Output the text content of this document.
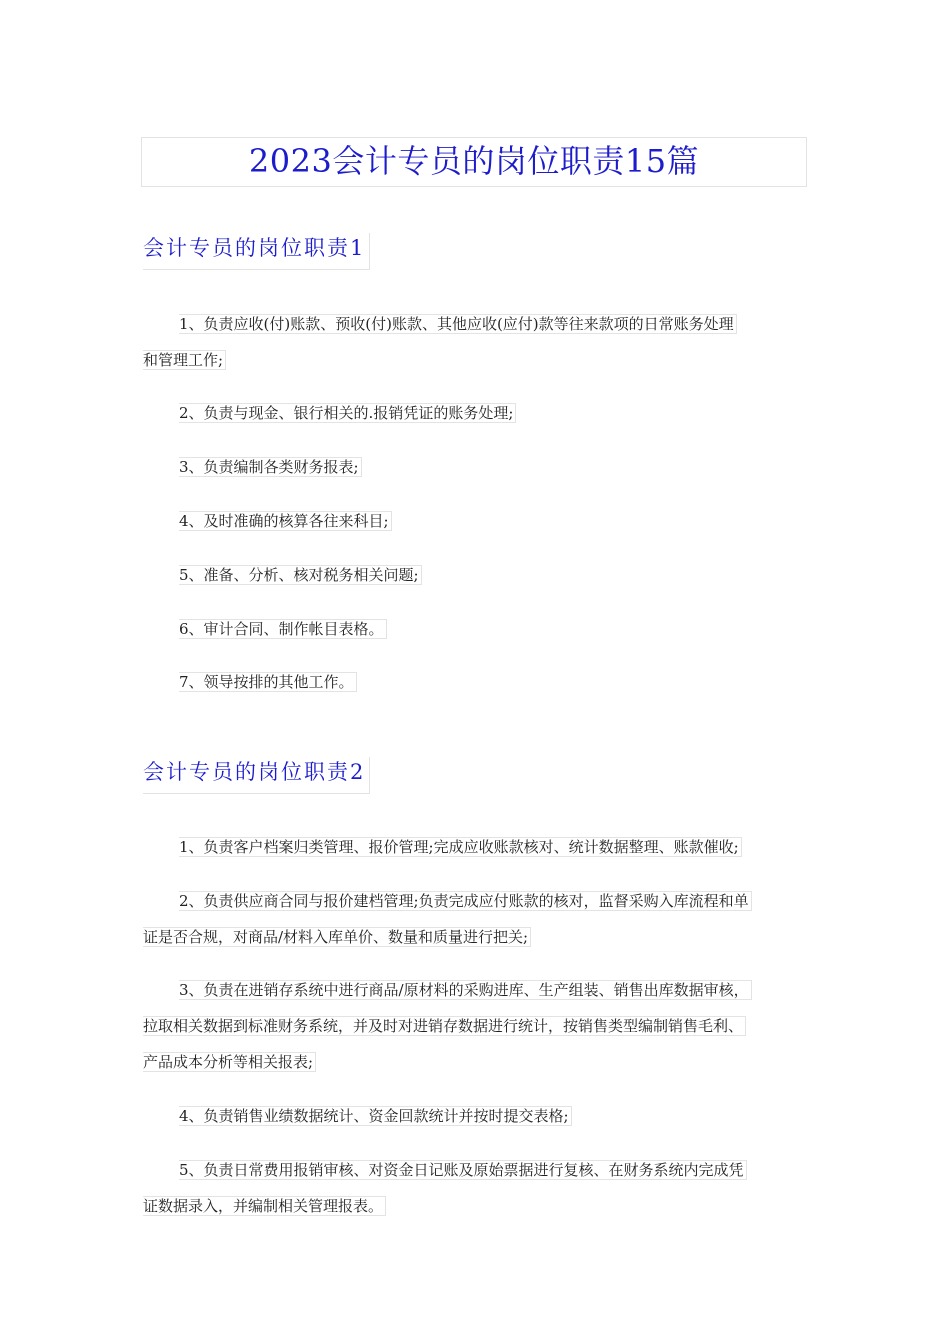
2023会计专员的岗位职责15篇
会计专员的岗位职责1
1、负责应收(付)账款、预收(付)账款、其他应收(应付)款等往来款项的日常账务处理
和管理工作;
2、负责与现金、银行相关的.报销凭证的账务处理;
3、负责编制各类财务报表;
4、及时准确的核算各往来科目;
5、准备、分析、核对税务相关问题;
6、审计合同、制作帐目表格。
7、领导按排的其他工作。
会计专员的岗位职责2
1、负责客户档案归类管理、报价管理;完成应收账款核对、统计数据整理、账款催收;
2、负责供应商合同与报价建档管理;负责完成应付账款的核对，监督采购入库流程和单
证是否合规，对商品/材料入库单价、数量和质量进行把关;
3、负责在进销存系统中进行商品/原材料的采购进库、生产组装、销售出库数据审核，
拉取相关数据到标准财务系统，并及时对进销存数据进行统计，按销售类型编制销售毛利、
产品成本分析等相关报表;
4、负责销售业绩数据统计、资金回款统计并按时提交表格;
5、负责日常费用报销审核、对资金日记账及原始票据进行复核、在财务系统内完成凭
证数据录入，并编制相关管理报表。
